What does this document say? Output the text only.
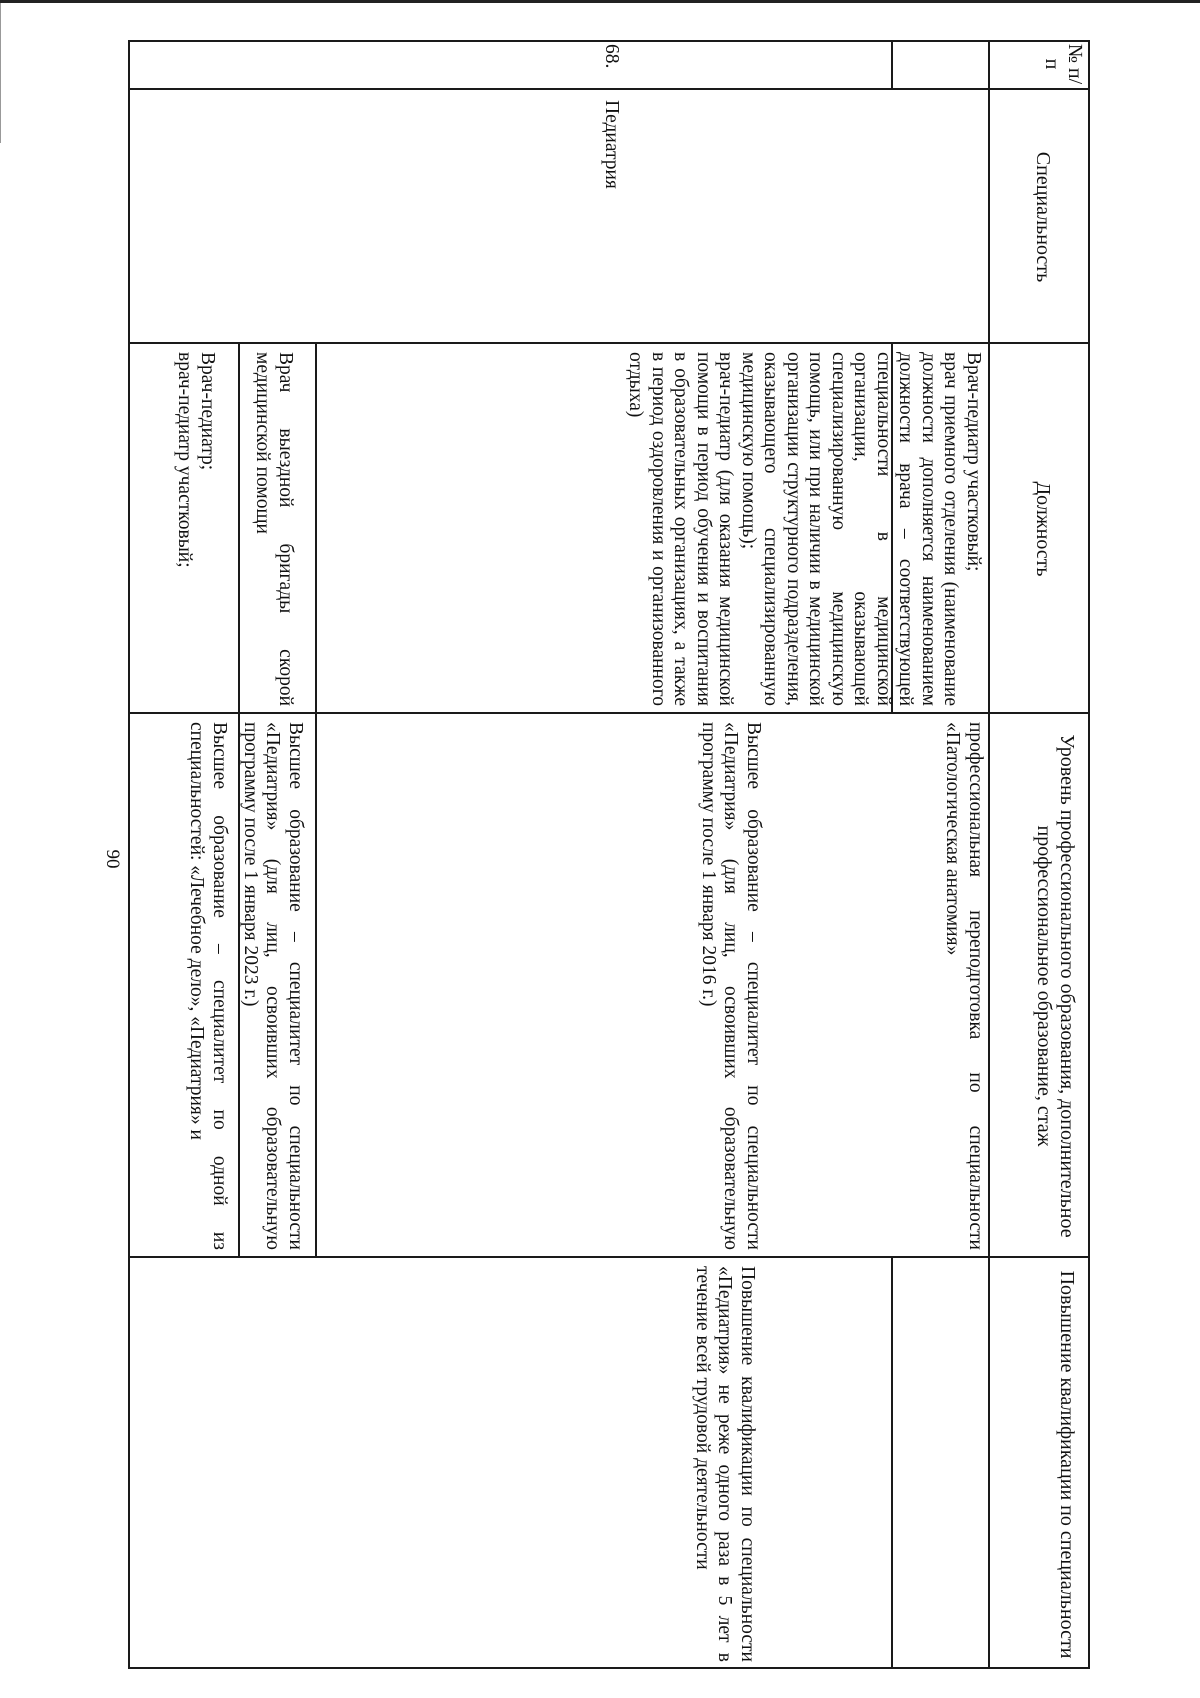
90
№ п/п
Специальность
Должность
Уровень профессионального образования, дополнительное профессиональное образование, стаж
Повышение квалификации по специальности
68.
Педиатрия

Врач-педиатр участковый;

врач приемного отделения (наименование должности дополняется наименованием должности врача – соответствующей специальности в медицинской организации, оказывающей специализированную медицинскую помощь, или при наличии в медицинской организации структурного подразделения, оказывающего специализированную медицинскую помощь);

врач-педиатр (для оказания медицинской помощи в период обучения и воспитания в образовательных организациях, а также в период оздоровления и организованного отдыха)

Врач выездной бригады скорой медицинской помощи

Врач-педиатр;

врач-педиатр участковый;

профессиональная переподготовка по специальности «Патологическая анатомия»
Высшее образование – специалитет по специальности «Педиатрия» (для лиц, освоивших образовательную программу после 1 января 2016 г.)
Высшее образование – специалитет по специальности «Педиатрия» (для лиц, освоивших образовательную программу после 1 января 2023 г.)
Высшее образование – специалитет по одной из специальностей: «Лечебное дело», «Педиатрия» и
Повышение квалификации по специальности «Педиатрия» не реже одного раза в 5 лет в течение всей трудовой деятельности
